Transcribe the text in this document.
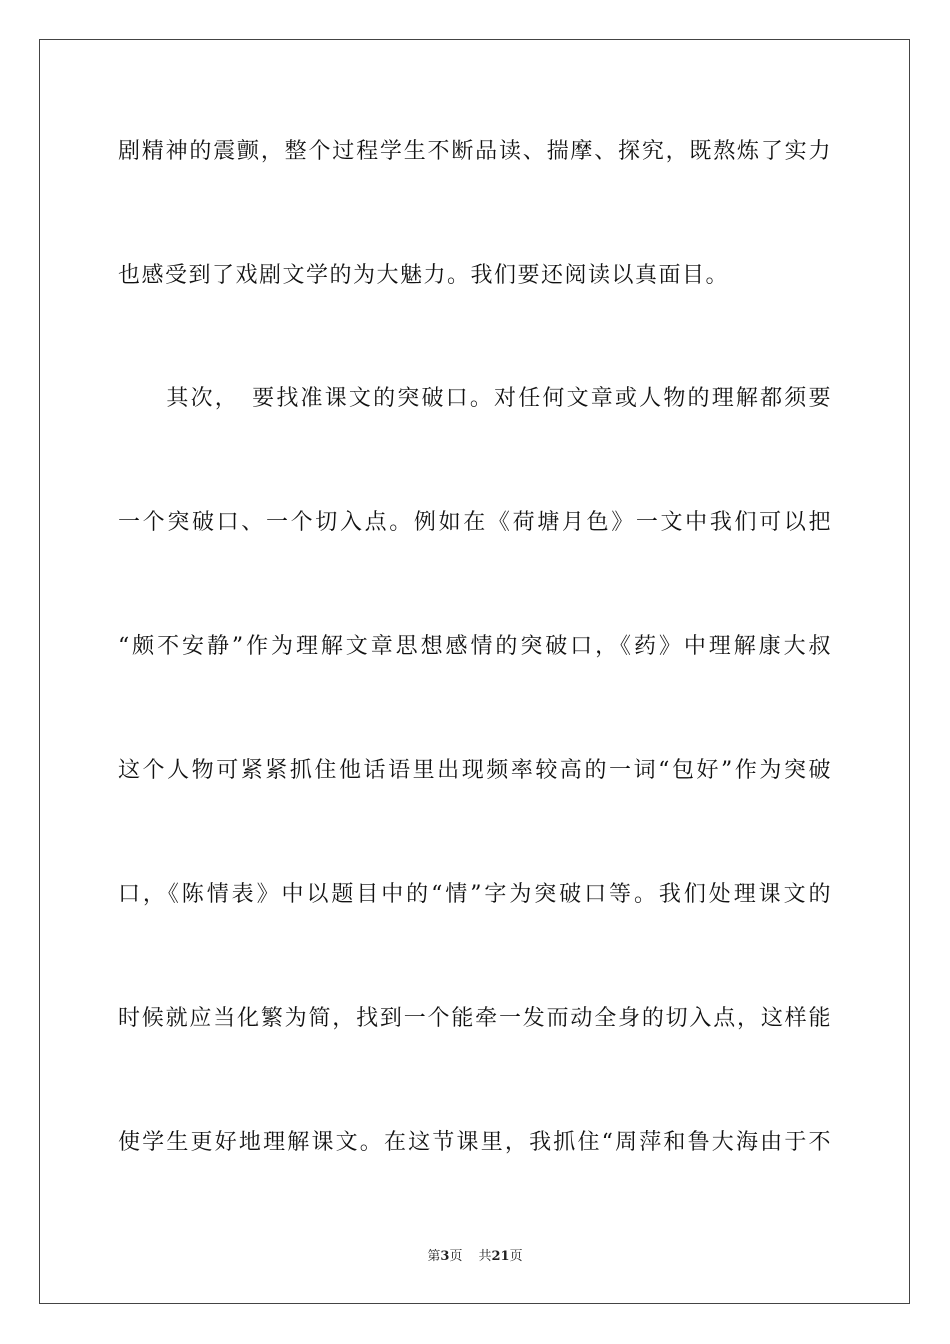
剧精神的震颤，整个过程学生不断品读、揣摩、探究，既熬炼了实力
也感受到了戏剧文学的为大魅力。我们要还阅读以真面目。
　　其次，　要找准课文的突破口。对任何文章或人物的理解都须要
一个突破口、一个切入点。例如在《荷塘月色》一文中我们可以把
“颇不安静”作为理解文章思想感情的突破口，《药》中理解康大叔
这个人物可紧紧抓住他话语里出现频率较高的一词“包好”作为突破
口，《陈情表》中以题目中的“情”字为突破口等。我们处理课文的
时候就应当化繁为简，找到一个能牵一发而动全身的切入点，这样能
使学生更好地理解课文。在这节课里，我抓住“周萍和鲁大海由于不
第3页 共21页
